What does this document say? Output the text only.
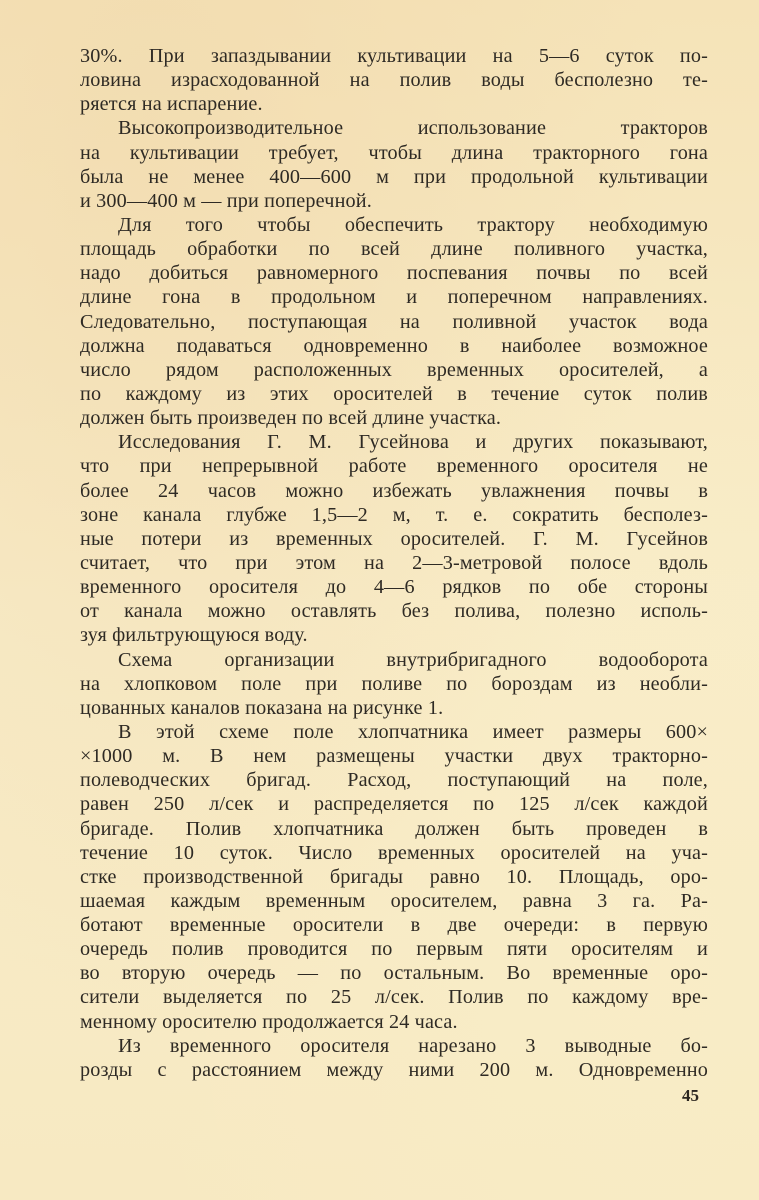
30%. При запаздывании культивации на 5—6 суток по-
ловина израсходованной на полив воды бесполезно те-
ряется на испарение.
Высокопроизводительное использование тракторов
на культивации требует, чтобы длина тракторного гона
была не менее 400—600 м при продольной культивации
и 300—400 м — при поперечной.
Для того чтобы обеспечить трактору необходимую
площадь обработки по всей длине поливного участка,
надо добиться равномерного поспевания почвы по всей
длине гона в продольном и поперечном направлениях.
Следовательно, поступающая на поливной участок вода
должна подаваться одновременно в наиболее возможное
число рядом расположенных временных оросителей, а
по каждому из этих оросителей в течение суток полив
должен быть произведен по всей длине участка.
Исследования Г. М. Гусейнова и других показывают,
что при непрерывной работе временного оросителя не
более 24 часов можно избежать увлажнения почвы в
зоне канала глубже 1,5—2 м, т. е. сократить бесполез-
ные потери из временных оросителей. Г. М. Гусейнов
считает, что при этом на 2—3-метровой полосе вдоль
временного оросителя до 4—6 рядков по обе стороны
от канала можно оставлять без полива, полезно исполь-
зуя фильтрующуюся воду.
Схема организации внутрибригадного водооборота
на хлопковом поле при поливе по бороздам из необли-
цованных каналов показана на рисунке 1.
В этой схеме поле хлопчатника имеет размеры 600×
×1000 м. В нем размещены участки двух тракторно-
полеводческих бригад. Расход, поступающий на поле,
равен 250 л/сек и распределяется по 125 л/сек каждой
бригаде. Полив хлопчатника должен быть проведен в
течение 10 суток. Число временных оросителей на уча-
стке производственной бригады равно 10. Площадь, оро-
шаемая каждым временным оросителем, равна 3 га. Ра-
ботают временные оросители в две очереди: в первую
очередь полив проводится по первым пяти оросителям и
во вторую очередь — по остальным. Во временные оро-
сители выделяется по 25 л/сек. Полив по каждому вре-
менному оросителю продолжается 24 часа.
Из временного оросителя нарезано 3 выводные бо-
розды с расстоянием между ними 200 м. Одновременно
45
